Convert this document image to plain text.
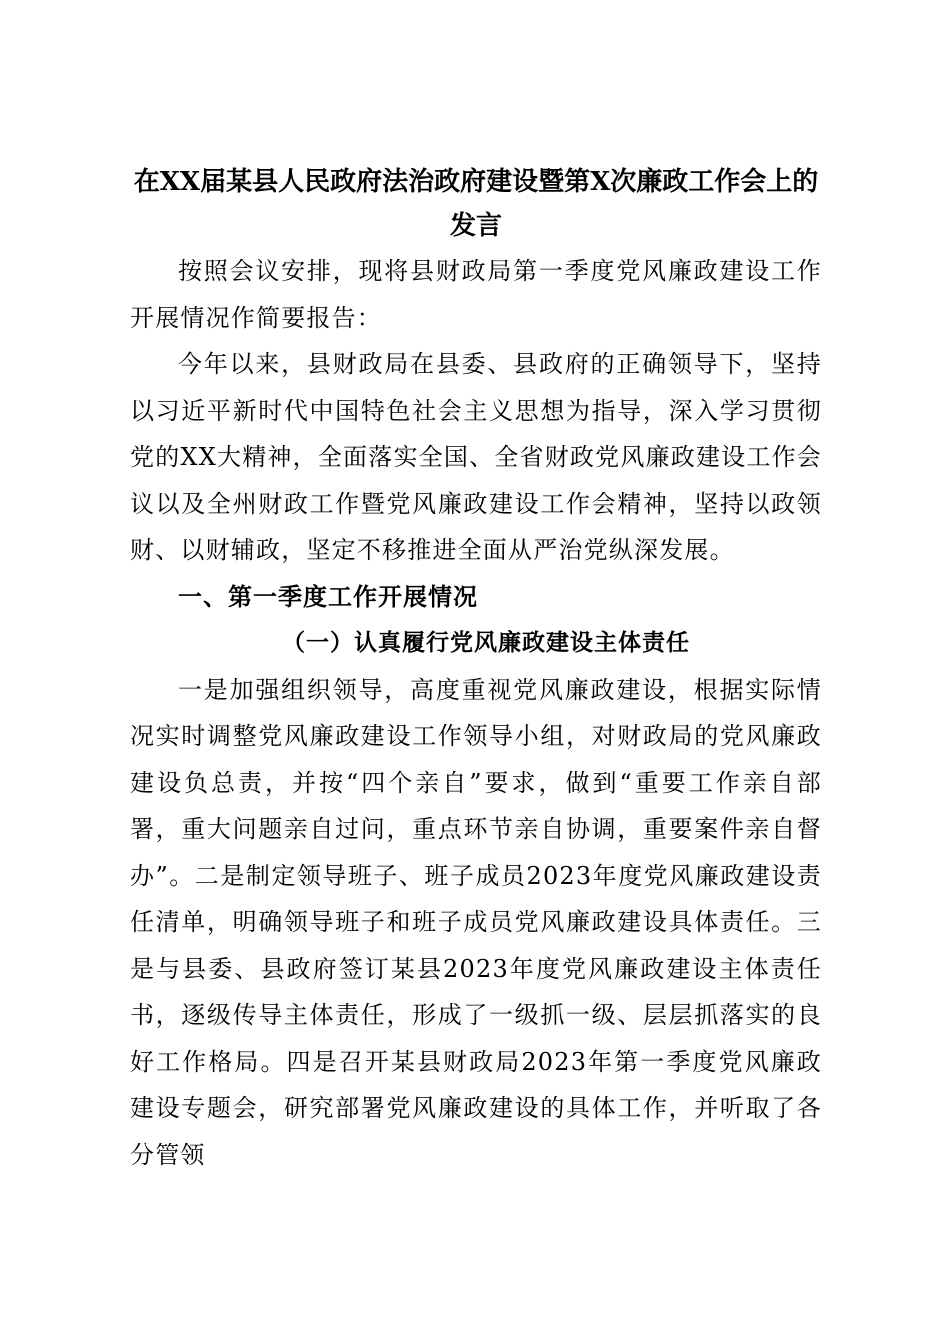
在XX届某县人民政府法治政府建设暨第X次廉政工作会上的发言

按照会议安排，现将县财政局第一季度党风廉政建设工作开展情况作简要报告：

今年以来，县财政局在县委、县政府的正确领导下，坚持以习近平新时代中国特色社会主义思想为指导，深入学习贯彻党的XX大精神，全面落实全国、全省财政党风廉政建设工作会议以及全州财政工作暨党风廉政建设工作会精神，坚持以政领财、以财辅政，坚定不移推进全面从严治党纵深发展。

一、第一季度工作开展情况

（一）认真履行党风廉政建设主体责任

一是加强组织领导，高度重视党风廉政建设，根据实际情况实时调整党风廉政建设工作领导小组，对财政局的党风廉政建设负总责，并按“四个亲自”要求，做到“重要工作亲自部署，重大问题亲自过问，重点环节亲自协调，重要案件亲自督办”。二是制定领导班子、班子成员2023年度党风廉政建设责任清单，明确领导班子和班子成员党风廉政建设具体责任。三是与县委、县政府签订某县2023年度党风廉政建设主体责任书，逐级传导主体责任，形成了一级抓一级、层层抓落实的良好工作格局。四是召开某县财政局2023年第一季度党风廉政建设专题会，研究部署党风廉政建设的具体工作，并听取了各分管领
